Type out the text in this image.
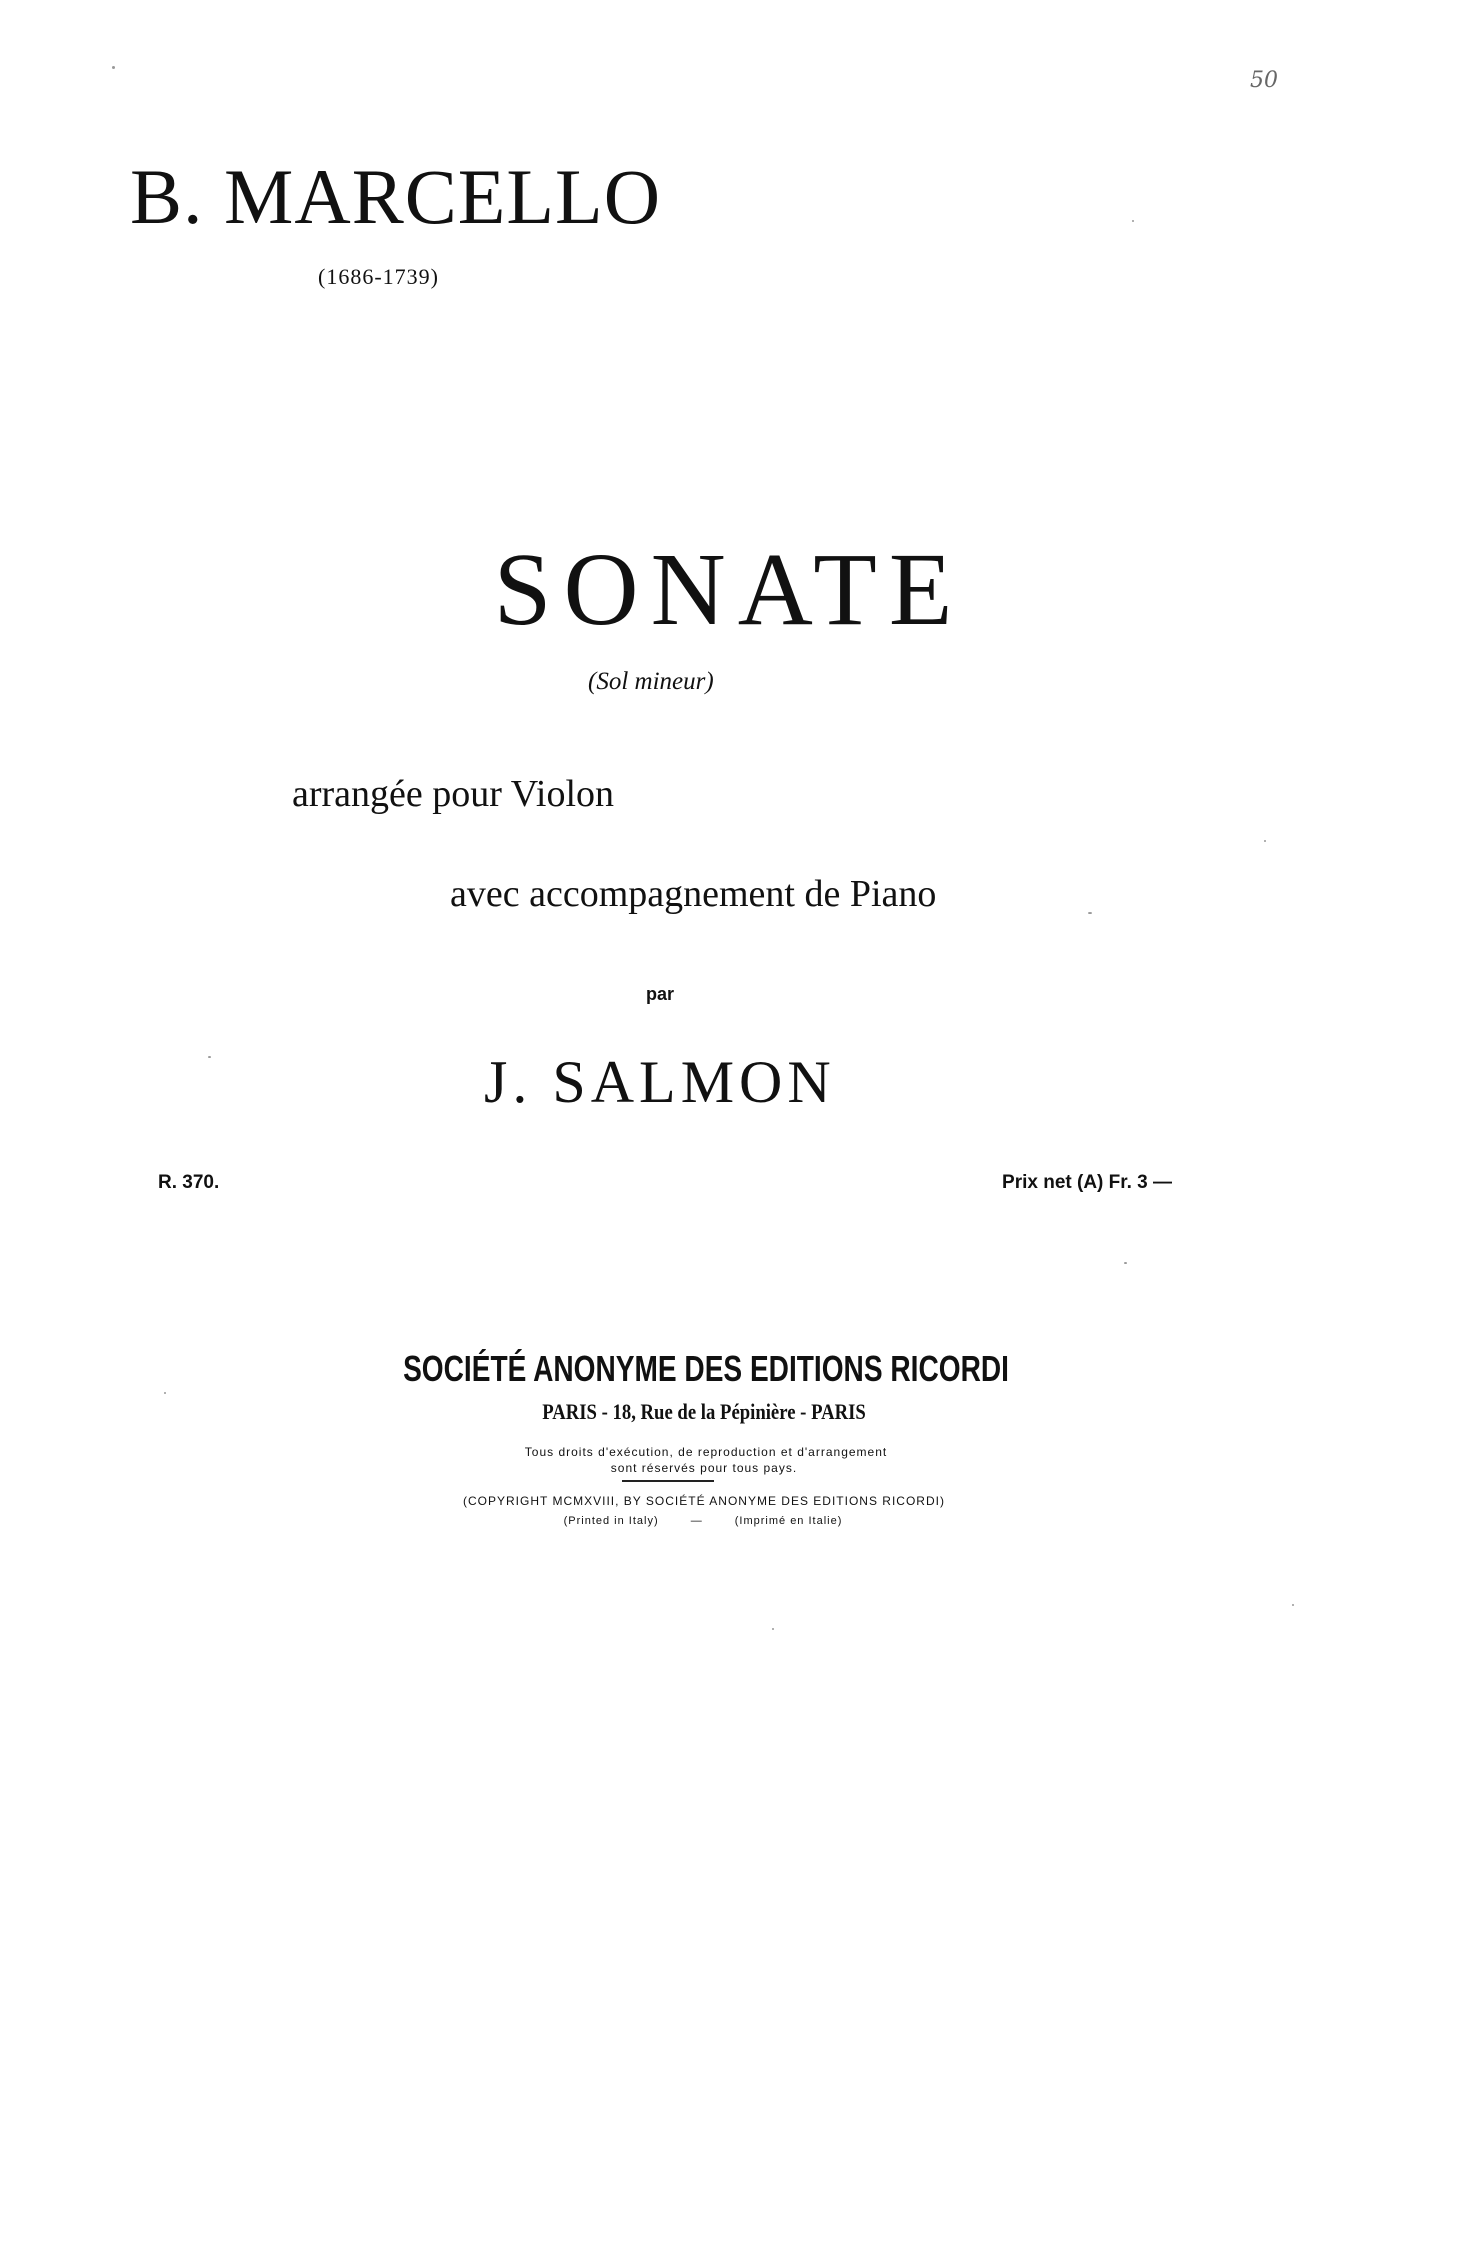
50
B. MARCELLO
(1686-1739)
SONATE
(Sol mineur)
arrangée pour Violon
avec accompagnement de Piano
par
J. SALMON
R. 370.	Prix net (A) Fr. 3 —
SOCIÉTÉ ANONYME DES EDITIONS RICORDI
PARIS - 18, Rue de la Pépinière - PARIS
Tous droits d'exécution, de reproduction et d'arrangement
sont réservés pour tous pays.
(COPYRIGHT MCMXVIII, BY SOCIÉTÉ ANONYME DES EDITIONS RICORDI)
(Printed in Italy)	—	(Imprimé en Italie)
